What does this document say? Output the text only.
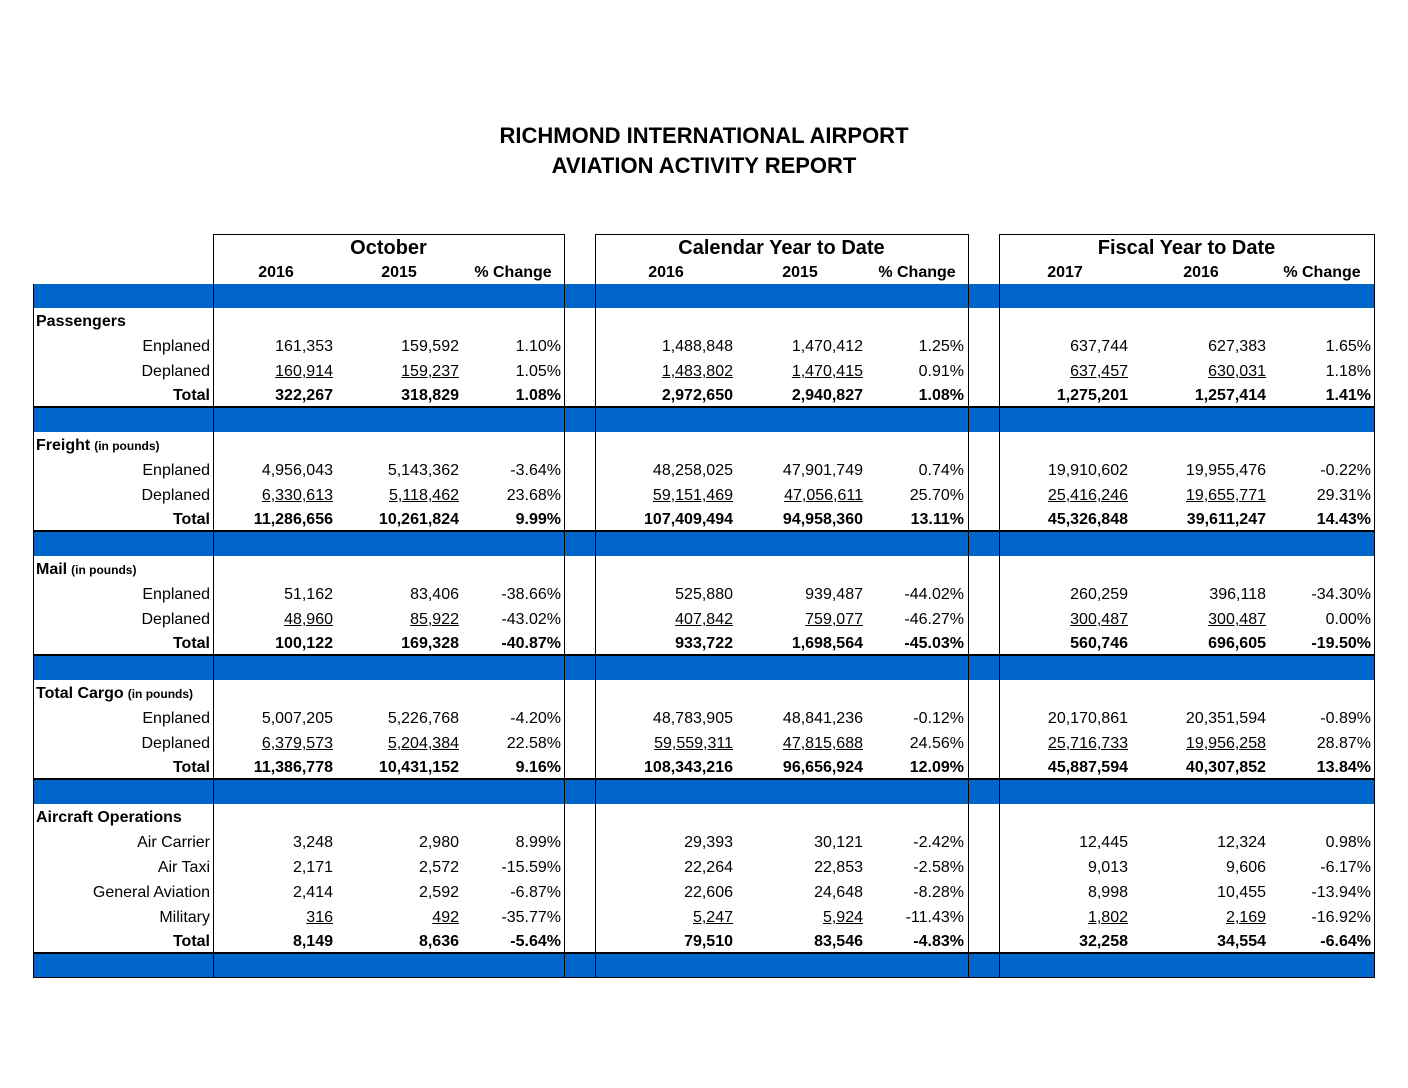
RICHMOND INTERNATIONAL AIRPORT
AVIATION ACTIVITY REPORT
October	Calendar Year to Date	Fiscal Year to Date
2016	2015	% Change	2016	2015	% Change	2017	2016	% Change
Passengers
Enplaned	161,353	159,592	1.10%	1,488,848	1,470,412	1.25%	637,744	627,383	1.65%
Deplaned	160,914	159,237	1.05%	1,483,802	1,470,415	0.91%	637,457	630,031	1.18%
Total	322,267	318,829	1.08%	2,972,650	2,940,827	1.08%	1,275,201	1,257,414	1.41%
Freight (in pounds)
Enplaned	4,956,043	5,143,362	-3.64%	48,258,025	47,901,749	0.74%	19,910,602	19,955,476	-0.22%
Deplaned	6,330,613	5,118,462	23.68%	59,151,469	47,056,611	25.70%	25,416,246	19,655,771	29.31%
Total	11,286,656	10,261,824	9.99%	107,409,494	94,958,360	13.11%	45,326,848	39,611,247	14.43%
Mail (in pounds)
Enplaned	51,162	83,406	-38.66%	525,880	939,487	-44.02%	260,259	396,118	-34.30%
Deplaned	48,960	85,922	-43.02%	407,842	759,077	-46.27%	300,487	300,487	0.00%
Total	100,122	169,328	-40.87%	933,722	1,698,564	-45.03%	560,746	696,605	-19.50%
Total Cargo (in pounds)
Enplaned	5,007,205	5,226,768	-4.20%	48,783,905	48,841,236	-0.12%	20,170,861	20,351,594	-0.89%
Deplaned	6,379,573	5,204,384	22.58%	59,559,311	47,815,688	24.56%	25,716,733	19,956,258	28.87%
Total	11,386,778	10,431,152	9.16%	108,343,216	96,656,924	12.09%	45,887,594	40,307,852	13.84%
Aircraft Operations
Air Carrier	3,248	2,980	8.99%	29,393	30,121	-2.42%	12,445	12,324	0.98%
Air Taxi	2,171	2,572	-15.59%	22,264	22,853	-2.58%	9,013	9,606	-6.17%
General Aviation	2,414	2,592	-6.87%	22,606	24,648	-8.28%	8,998	10,455	-13.94%
Military	316	492	-35.77%	5,247	5,924	-11.43%	1,802	2,169	-16.92%
Total	8,149	8,636	-5.64%	79,510	83,546	-4.83%	32,258	34,554	-6.64%
